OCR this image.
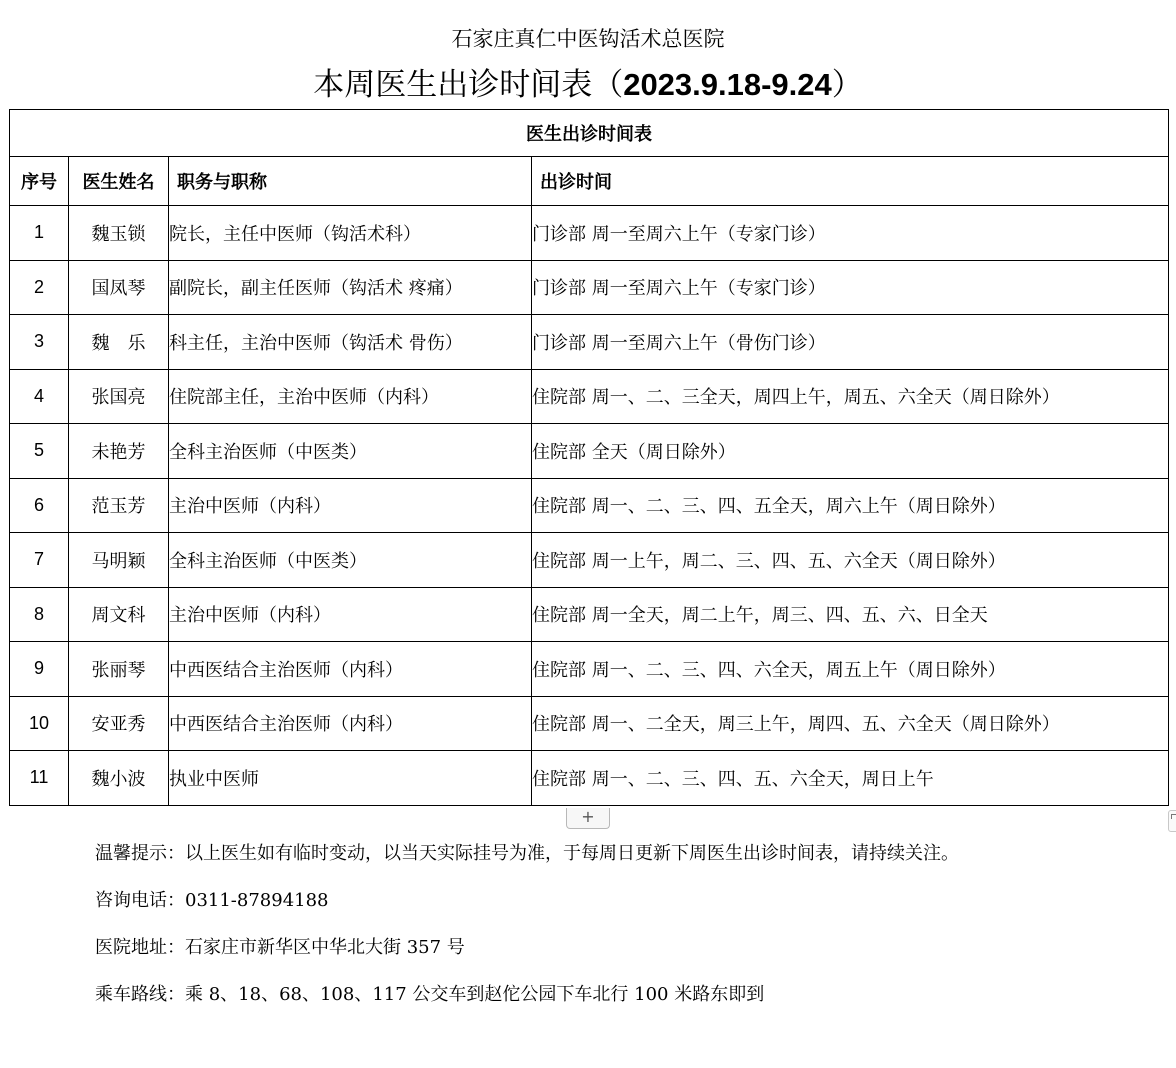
石家庄真仁中医钩活术总医院
本周医生出诊时间表（2023.9.18-9.24）
医生出诊时间表			
序号	医生姓名	职务与职称	出诊时间
1	魏玉锁	院长，主任中医师（钩活术科）	门诊部 周一至周六上午（专家门诊）
2	国凤琴	副院长，副主任医师（钩活术 疼痛）	门诊部 周一至周六上午（专家门诊）
3	魏　乐	科主任，主治中医师（钩活术 骨伤）	门诊部 周一至周六上午（骨伤门诊）
4	张国亮	住院部主任，主治中医师（内科）	住院部 周一、二、三全天，周四上午，周五、六全天（周日除外）
5	未艳芳	全科主治医师（中医类）	住院部 全天（周日除外）
6	范玉芳	主治中医师（内科）	住院部 周一、二、三、四、五全天，周六上午（周日除外）
7	马明颖	全科主治医师（中医类）	住院部 周一上午，周二、三、四、五、六全天（周日除外）
8	周文科	主治中医师（内科）	住院部 周一全天，周二上午，周三、四、五、六、日全天
9	张丽琴	中西医结合主治医师（内科）	住院部 周一、二、三、四、六全天，周五上午（周日除外）
10	安亚秀	中西医结合主治医师（内科）	住院部 周一、二全天，周三上午，周四、五、六全天（周日除外）
11	魏小波	执业中医师	住院部 周一、二、三、四、五、六全天，周日上午
+

温馨提示：以上医生如有临时变动，以当天实际挂号为准，于每周日更新下周医生出诊时间表，请持续关注。

咨询电话：0311-87894188

医院地址：石家庄市新华区中华北大街 357 号

乘车路线：乘 8、18、68、108、117 公交车到赵佗公园下车北行 100 米路东即到
